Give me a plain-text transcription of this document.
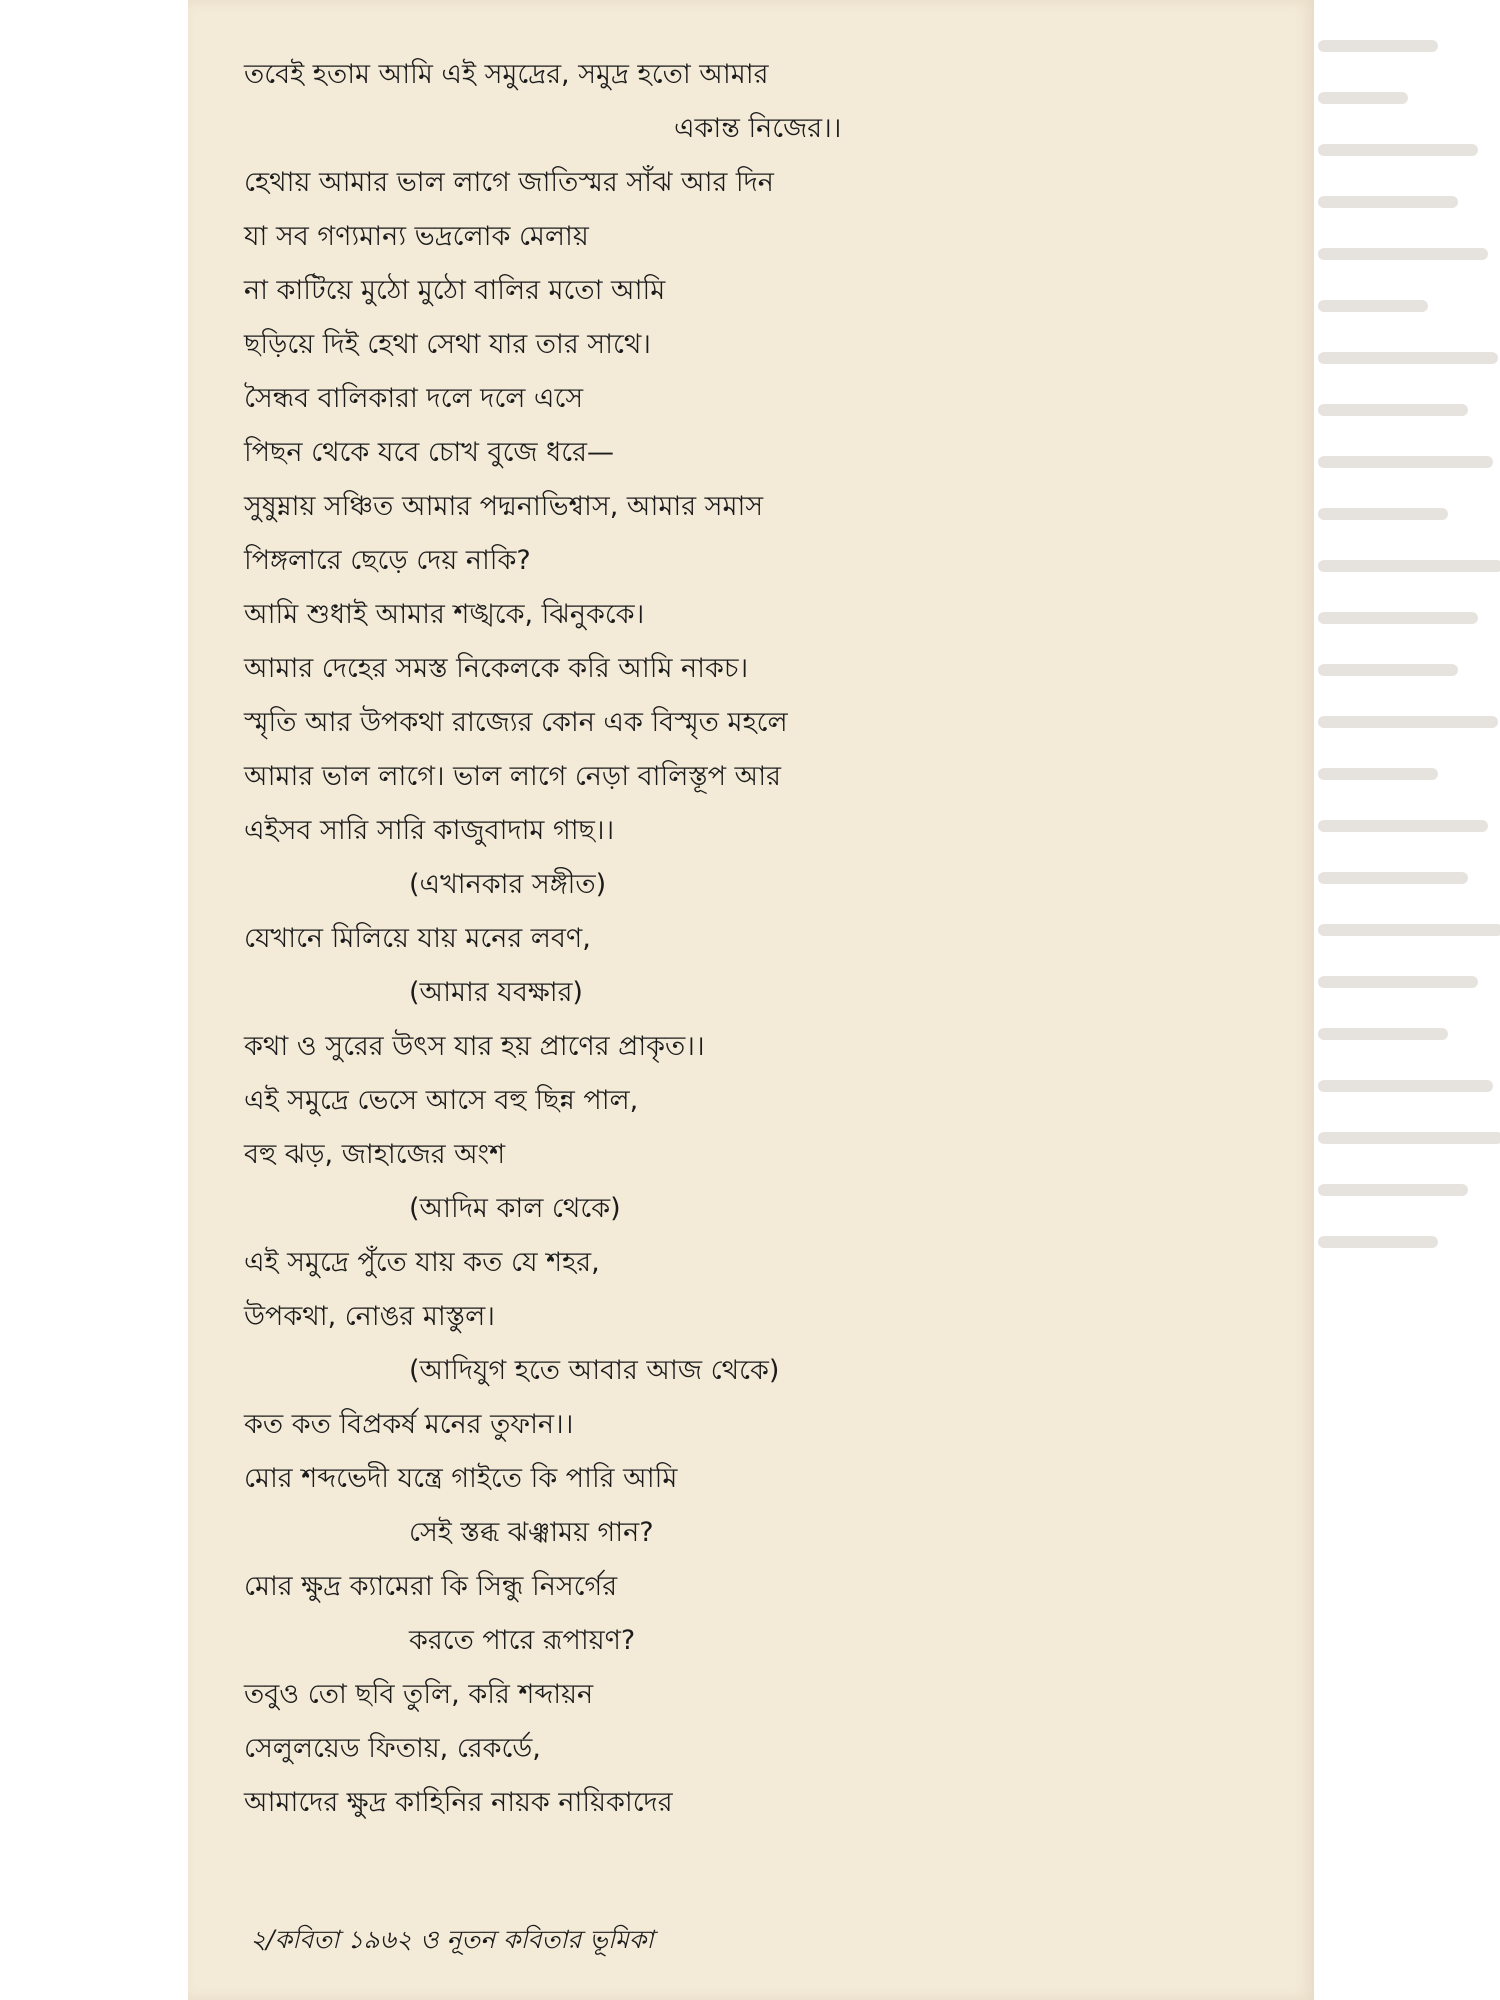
তবেই হতাম আমি এই সমুদ্রের, সমুদ্র হতো আমার
একান্ত নিজের।।
হেথায় আমার ভাল লাগে জাতিস্মর সাঁঝ আর দিন
যা সব গণ্যমান্য ভদ্রলোক মেলায়
না কাটিয়ে মুঠো মুঠো বালির মতো আমি
ছড়িয়ে দিই হেথা সেথা যার তার সাথে।
সৈন্ধব বালিকারা দলে দলে এসে
পিছন থেকে যবে চোখ বুজে ধরে—
সুষুম্নায় সঞ্চিত আমার পদ্মনাভিশ্বাস, আমার সমাস
পিঙ্গলারে ছেড়ে দেয় নাকি?
আমি শুধাই আমার শঙ্খকে, ঝিনুককে।
আমার দেহের সমস্ত নিকেলকে করি আমি নাকচ।
স্মৃতি আর উপকথা রাজ্যের কোন এক বিস্মৃত মহলে
আমার ভাল লাগে। ভাল লাগে নেড়া বালিস্তূপ আর
এইসব সারি সারি কাজুবাদাম গাছ।।
(এখানকার সঙ্গীত)
যেখানে মিলিয়ে যায় মনের লবণ,
(আমার যবক্ষার)
কথা ও সুরের উৎস যার হয় প্রাণের প্রাকৃত।।
এই সমুদ্রে ভেসে আসে বহু ছিন্ন পাল,
বহু ঝড়, জাহাজের অংশ
(আদিম কাল থেকে)
এই সমুদ্রে পুঁতে যায় কত যে শহর,
উপকথা, নোঙর মাস্তুল।
(আদিযুগ হতে আবার আজ থেকে)
কত কত বিপ্রকর্ষ মনের তুফান।।
মোর শব্দভেদী যন্ত্রে গাইতে কি পারি আমি
সেই স্তব্ধ ঝঞ্ঝাময় গান?
মোর ক্ষুদ্র ক্যামেরা কি সিন্ধু নিসর্গের
করতে পারে রূপায়ণ?
তবুও তো ছবি তুলি, করি শব্দায়ন
সেলুলয়েড ফিতায়, রেকর্ডে,
আমাদের ক্ষুদ্র কাহিনির নায়ক নায়িকাদের
২/কবিতা ১৯৬২ ও নূতন কবিতার ভূমিকা
